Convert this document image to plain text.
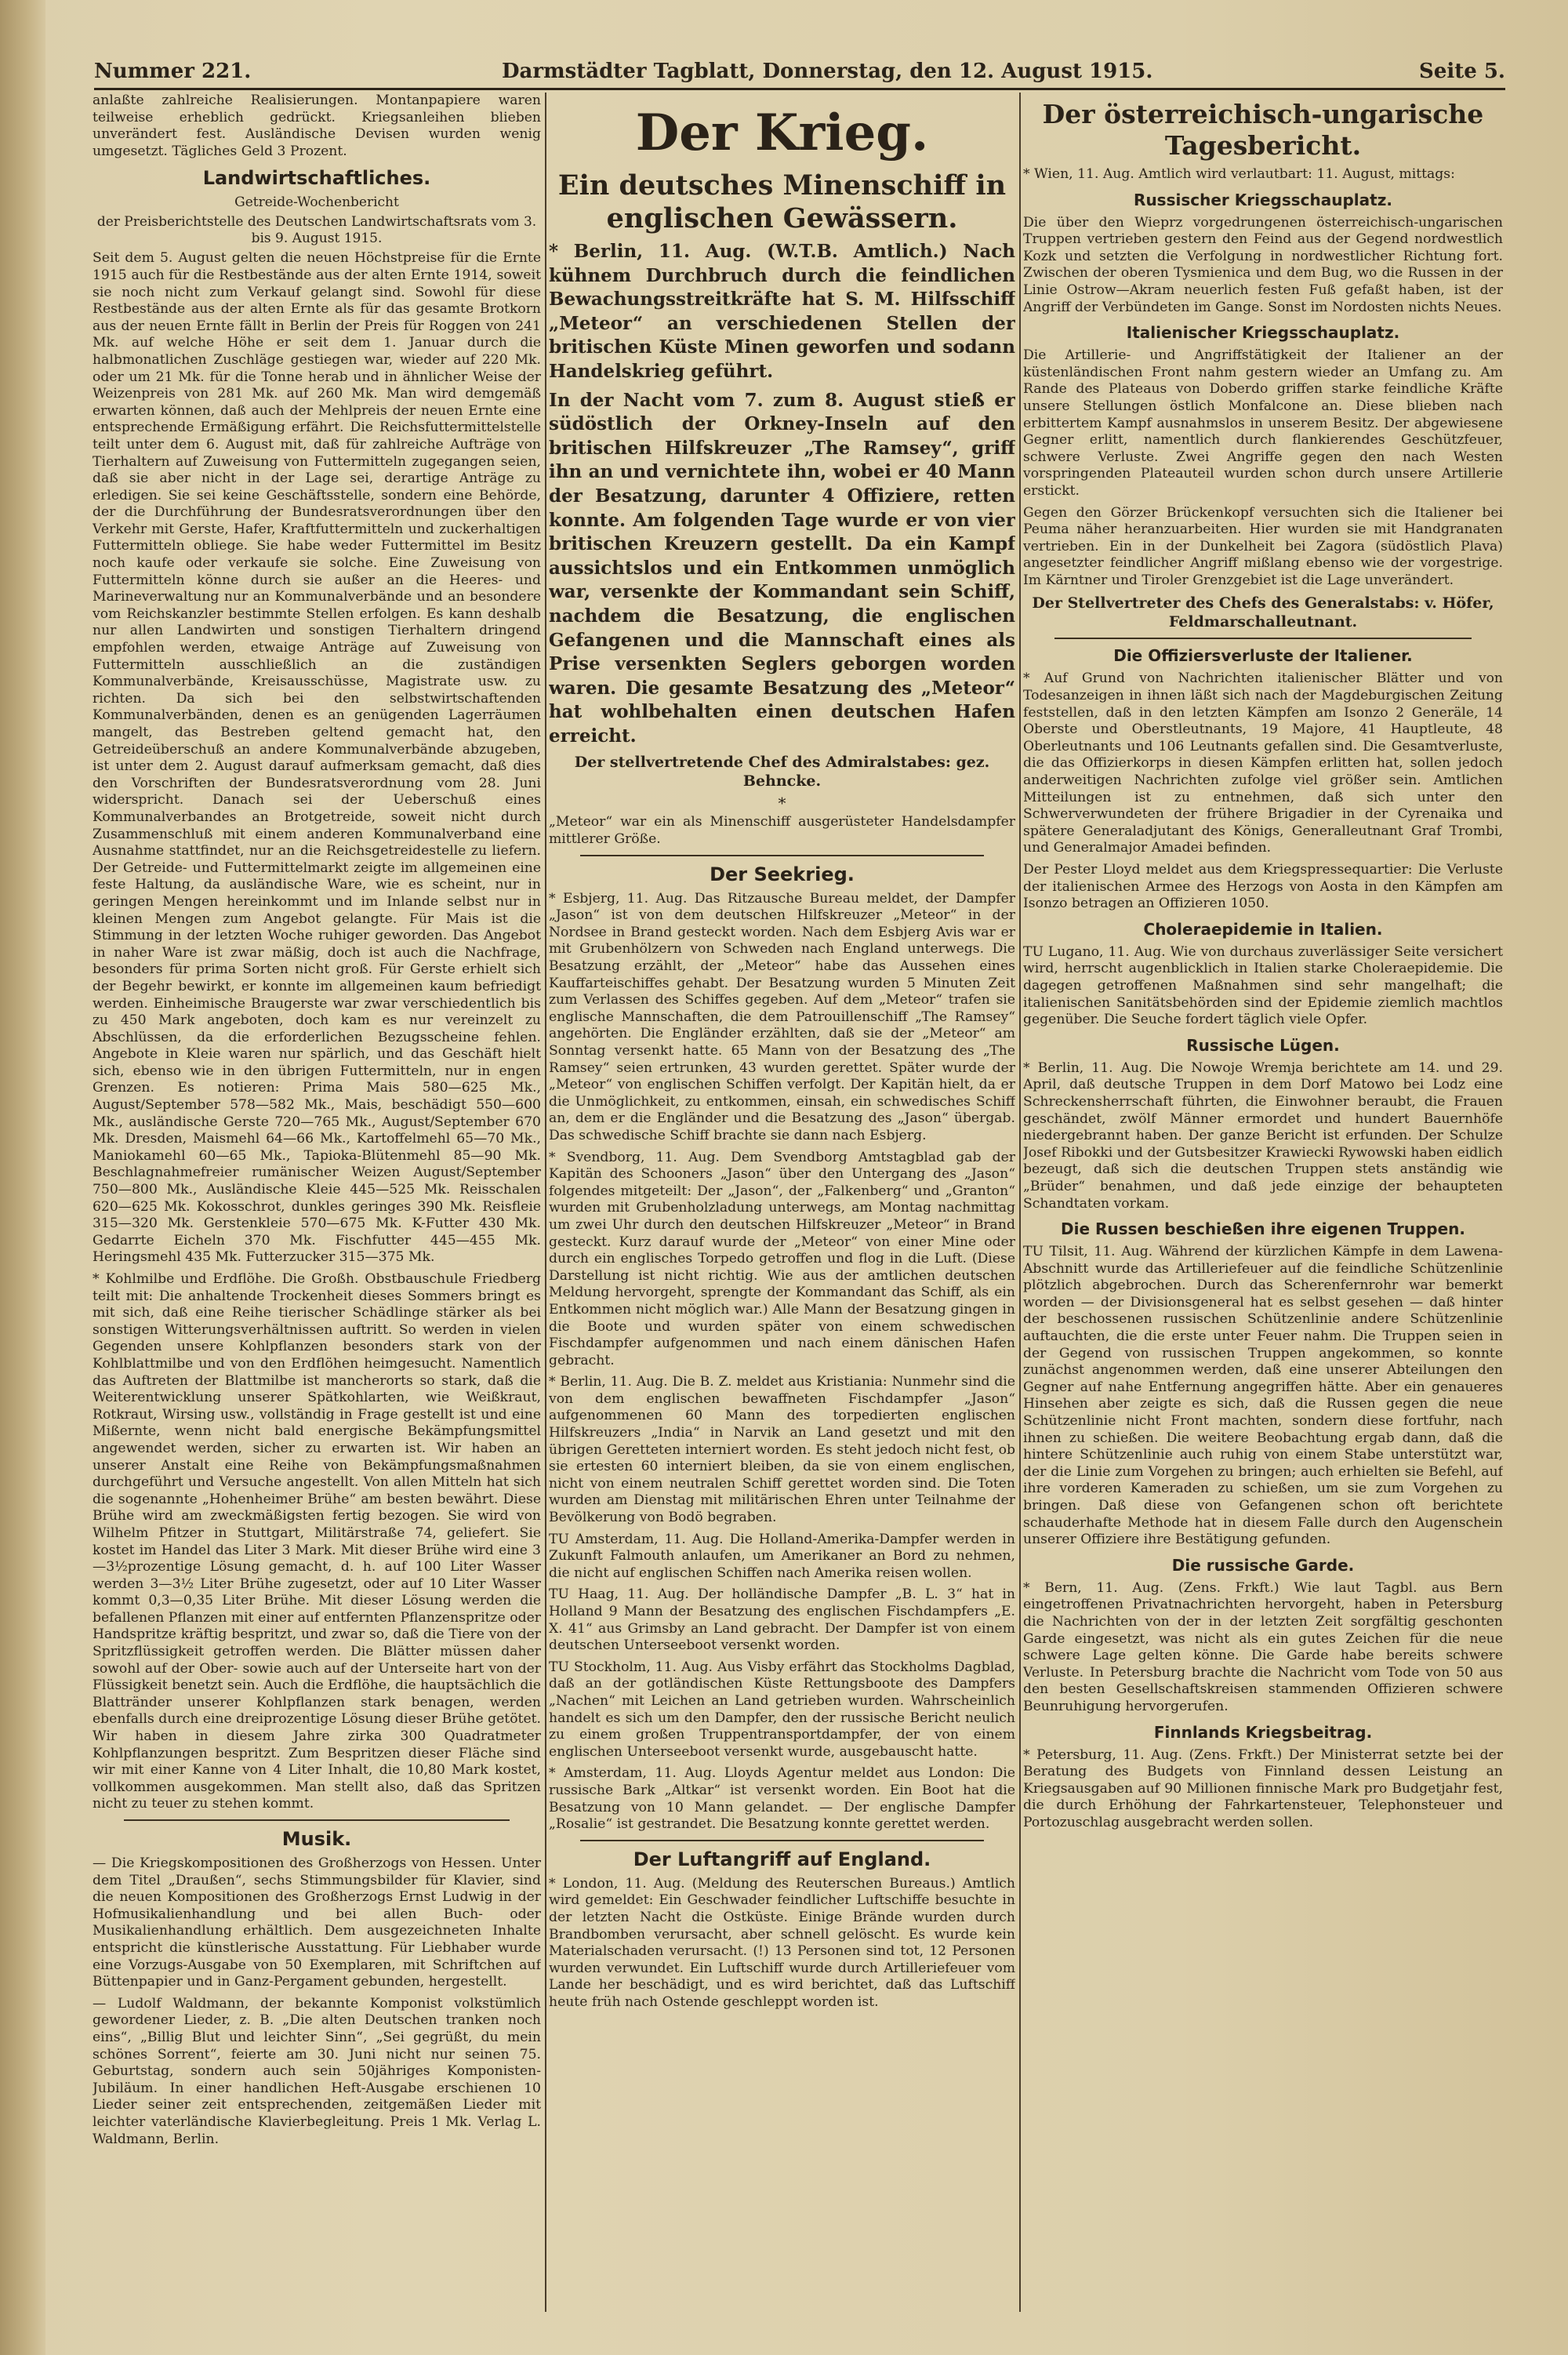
Nummer 221.	Darmstädter Tagblatt, Donnerstag, den 12. August 1915.	Seite 5.

anlaßte zahlreiche Realisierungen. Montanpapiere waren teilweise erheblich gedrückt. Kriegsanleihen blieben unverändert fest. Ausländische Devisen wurden wenig umgesetzt. Tägliches Geld 3 Prozent.

Landwirtschaftliches.
Getreide-Wochenbericht
der Preisberichtstelle des Deutschen Landwirtschaftsrats vom 3. bis 9. August 1915.

Seit dem 5. August gelten die neuen Höchstpreise für die Ernte 1915 auch für die Restbestände aus der alten Ernte 1914, soweit sie noch nicht zum Verkauf gelangt sind. Sowohl für diese Restbestände aus der alten Ernte als für das gesamte Brotkorn aus der neuen Ernte fällt in Berlin der Preis für Roggen von 241 Mk. auf welche Höhe er seit dem 1. Januar durch die halbmonatlichen Zuschläge gestiegen war, wieder auf 220 Mk. oder um 21 Mk. für die Tonne herab und in ähnlicher Weise der Weizenpreis von 281 Mk. auf 260 Mk. Man wird demgemäß erwarten können, daß auch der Mehlpreis der neuen Ernte eine entsprechende Ermäßigung erfährt. Die Reichsfuttermittelstelle teilt unter dem 6. August mit, daß für zahlreiche Aufträge von Tierhaltern auf Zuweisung von Futtermitteln zugegangen seien, daß sie aber nicht in der Lage sei, derartige Anträge zu erledigen. Sie sei keine Geschäftsstelle, sondern eine Behörde, der die Durchführung der Bundesratsverordnungen über den Verkehr mit Gerste, Hafer, Kraftfuttermitteln und zuckerhaltigen Futtermitteln obliege. Sie habe weder Futtermittel im Besitz noch kaufe oder verkaufe sie solche. Eine Zuweisung von Futtermitteln könne durch sie außer an die Heeres- und Marineverwaltung nur an Kommunalverbände und an besondere vom Reichskanzler bestimmte Stellen erfolgen. Es kann deshalb nur allen Landwirten und sonstigen Tierhaltern dringend empfohlen werden, etwaige Anträge auf Zuweisung von Futtermitteln ausschließlich an die zuständigen Kommunalverbände, Kreisausschüsse, Magistrate usw. zu richten. Da sich bei den selbstwirtschaftenden Kommunalverbänden, denen es an genügenden Lagerräumen mangelt, das Bestreben geltend gemacht hat, den Getreideüberschuß an andere Kommunalverbände abzugeben, ist unter dem 2. August darauf aufmerksam gemacht, daß dies den Vorschriften der Bundesratsverordnung vom 28. Juni widerspricht. Danach sei der Ueberschuß eines Kommunalverbandes an Brotgetreide, soweit nicht durch Zusammenschluß mit einem anderen Kommunalverband eine Ausnahme stattfindet, nur an die Reichsgetreidestelle zu liefern. Der Getreide- und Futtermittelmarkt zeigte im allgemeinen eine feste Haltung, da ausländische Ware, wie es scheint, nur in geringen Mengen hereinkommt und im Inlande selbst nur in kleinen Mengen zum Angebot gelangte. Für Mais ist die Stimmung in der letzten Woche ruhiger geworden. Das Angebot in naher Ware ist zwar mäßig, doch ist auch die Nachfrage, besonders für prima Sorten nicht groß. Für Gerste erhielt sich der Begehr bewirkt, er konnte im allgemeinen kaum befriedigt werden. Einheimische Braugerste war zwar verschiedentlich bis zu 450 Mark angeboten, doch kam es nur vereinzelt zu Abschlüssen, da die erforderlichen Bezugsscheine fehlen. Angebote in Kleie waren nur spärlich, und das Geschäft hielt sich, ebenso wie in den übrigen Futtermitteln, nur in engen Grenzen. Es notieren: Prima Mais 580—625 Mk., August/September 578—582 Mk., Mais, beschädigt 550—600 Mk., ausländische Gerste 720—765 Mk., August/September 670 Mk. Dresden, Maismehl 64—66 Mk., Kartoffelmehl 65—70 Mk., Maniokamehl 60—65 Mk., Tapioka-Blütenmehl 85—90 Mk. Beschlagnahmefreier rumänischer Weizen August/September 750—800 Mk., Ausländische Kleie 445—525 Mk. Reisschalen 620—625 Mk. Kokosschrot, dunkles geringes 390 Mk. Reisfleie 315—320 Mk. Gerstenkleie 570—675 Mk. K-Futter 430 Mk. Gedarrte Eicheln 370 Mk. Fischfutter 445—455 Mk. Heringsmehl 435 Mk. Futterzucker 315—375 Mk.

* Kohlmilbe und Erdflöhe. Die Großh. Obstbauschule Friedberg teilt mit: Die anhaltende Trockenheit dieses Sommers bringt es mit sich, daß eine Reihe tierischer Schädlinge stärker als bei sonstigen Witterungsverhältnissen auftritt. So werden in vielen Gegenden unsere Kohlpflanzen besonders stark von der Kohlblattmilbe und von den Erdflöhen heimgesucht. Namentlich das Auftreten der Blattmilbe ist mancherorts so stark, daß die Weiterentwicklung unserer Spätkohlarten, wie Weißkraut, Rotkraut, Wirsing usw., vollständig in Frage gestellt ist und eine Mißernte, wenn nicht bald energische Bekämpfungsmittel angewendet werden, sicher zu erwarten ist. Wir haben an unserer Anstalt eine Reihe von Bekämpfungsmaßnahmen durchgeführt und Versuche angestellt. Von allen Mitteln hat sich die sogenannte „Hohenheimer Brühe“ am besten bewährt. Diese Brühe wird am zweckmäßigsten fertig bezogen. Sie wird von Wilhelm Pfitzer in Stuttgart, Militärstraße 74, geliefert. Sie kostet im Handel das Liter 3 Mark. Mit dieser Brühe wird eine 3—3½prozentige Lösung gemacht, d. h. auf 100 Liter Wasser werden 3—3½ Liter Brühe zugesetzt, oder auf 10 Liter Wasser kommt 0,3—0,35 Liter Brühe. Mit dieser Lösung werden die befallenen Pflanzen mit einer auf entfernten Pflanzenspritze oder Handspritze kräftig bespritzt, und zwar so, daß die Tiere von der Spritzflüssigkeit getroffen werden. Die Blätter müssen daher sowohl auf der Ober- sowie auch auf der Unterseite hart von der Flüssigkeit benetzt sein. Auch die Erdflöhe, die hauptsächlich die Blattränder unserer Kohlpflanzen stark benagen, werden ebenfalls durch eine dreiprozentige Lösung dieser Brühe getötet. Wir haben in diesem Jahre zirka 300 Quadratmeter Kohlpflanzungen bespritzt. Zum Bespritzen dieser Fläche sind wir mit einer Kanne von 4 Liter Inhalt, die 10,80 Mark kostet, vollkommen ausgekommen. Man stellt also, daß das Spritzen nicht zu teuer zu stehen kommt.

Musik.

— Die Kriegskompositionen des Großherzogs von Hessen. Unter dem Titel „Draußen“, sechs Stimmungsbilder für Klavier, sind die neuen Kompositionen des Großherzogs Ernst Ludwig in der Hofmusikalienhandlung und bei allen Buch- oder Musikalienhandlung erhältlich. Dem ausgezeichneten Inhalte entspricht die künstlerische Ausstattung. Für Liebhaber wurde eine Vorzugs-Ausgabe von 50 Exemplaren, mit Schriftchen auf Büttenpapier und in Ganz-Pergament gebunden, hergestellt.

— Ludolf Waldmann, der bekannte Komponist volkstümlich gewordener Lieder, z. B. „Die alten Deutschen tranken noch eins“, „Billig Blut und leichter Sinn“, „Sei gegrüßt, du mein schönes Sorrent“, feierte am 30. Juni nicht nur seinen 75. Geburtstag, sondern auch sein 50jähriges Komponisten-Jubiläum. In einer handlichen Heft-Ausgabe erschienen 10 Lieder seiner zeit entsprechenden, zeitgemäßen Lieder mit leichter vaterländische Klavierbegleitung. Preis 1 Mk. Verlag L. Waldmann, Berlin.

Der Krieg.
Ein deutsches Minenschiff in englischen Gewässern.

* Berlin, 11. Aug. (W.T.B. Amtlich.) Nach kühnem Durchbruch durch die feindlichen Bewachungsstreitkräfte hat S. M. Hilfsschiff „Meteor“ an verschiedenen Stellen der britischen Küste Minen geworfen und sodann Handelskrieg geführt.

In der Nacht vom 7. zum 8. August stieß er südöstlich der Orkney-Inseln auf den britischen Hilfskreuzer „The Ramsey“, griff ihn an und vernichtete ihn, wobei er 40 Mann der Besatzung, darunter 4 Offiziere, retten konnte. Am folgenden Tage wurde er von vier britischen Kreuzern gestellt. Da ein Kampf aussichtslos und ein Entkommen unmöglich war, versenkte der Kommandant sein Schiff, nachdem die Besatzung, die englischen Gefangenen und die Mannschaft eines als Prise versenkten Seglers geborgen worden waren. Die gesamte Besatzung des „Meteor“ hat wohlbehalten einen deutschen Hafen erreicht.

Der stellvertretende Chef des Admiralstabes: gez. Behncke.
*

„Meteor“ war ein als Minenschiff ausgerüsteter Handelsdampfer mittlerer Größe.

Der Seekrieg.

* Esbjerg, 11. Aug. Das Ritzausche Bureau meldet, der Dampfer „Jason“ ist von dem deutschen Hilfskreuzer „Meteor“ in der Nordsee in Brand gesteckt worden. Nach dem Esbjerg Avis war er mit Grubenhölzern von Schweden nach England unterwegs. Die Besatzung erzählt, der „Meteor“ habe das Aussehen eines Kauffarteischiffes gehabt. Der Besatzung wurden 5 Minuten Zeit zum Verlassen des Schiffes gegeben. Auf dem „Meteor“ trafen sie englische Mannschaften, die dem Patrouillenschiff „The Ramsey“ angehörten. Die Engländer erzählten, daß sie der „Meteor“ am Sonntag versenkt hatte. 65 Mann von der Besatzung des „The Ramsey“ seien ertrunken, 43 wurden gerettet. Später wurde der „Meteor“ von englischen Schiffen verfolgt. Der Kapitän hielt, da er die Unmöglichkeit, zu entkommen, einsah, ein schwedisches Schiff an, dem er die Engländer und die Besatzung des „Jason“ übergab. Das schwedische Schiff brachte sie dann nach Esbjerg.

* Svendborg, 11. Aug. Dem Svendborg Amtstagblad gab der Kapitän des Schooners „Jason“ über den Untergang des „Jason“ folgendes mitgeteilt: Der „Jason“, der „Falkenberg“ und „Granton“ wurden mit Grubenholzladung unterwegs, am Montag nachmittag um zwei Uhr durch den deutschen Hilfskreuzer „Meteor“ in Brand gesteckt. Kurz darauf wurde der „Meteor“ von einer Mine oder durch ein englisches Torpedo getroffen und flog in die Luft. (Diese Darstellung ist nicht richtig. Wie aus der amtlichen deutschen Meldung hervorgeht, sprengte der Kommandant das Schiff, als ein Entkommen nicht möglich war.) Alle Mann der Besatzung gingen in die Boote und wurden später von einem schwedischen Fischdampfer aufgenommen und nach einem dänischen Hafen gebracht.

* Berlin, 11. Aug. Die B. Z. meldet aus Kristiania: Nunmehr sind die von dem englischen bewaffneten Fischdampfer „Jason“ aufgenommenen 60 Mann des torpedierten englischen Hilfskreuzers „India“ in Narvik an Land gesetzt und mit den übrigen Geretteten interniert worden. Es steht jedoch nicht fest, ob sie ertesten 60 interniert bleiben, da sie von einem englischen, nicht von einem neutralen Schiff gerettet worden sind. Die Toten wurden am Dienstag mit militärischen Ehren unter Teilnahme der Bevölkerung von Bodö begraben.

TU Amsterdam, 11. Aug. Die Holland-Amerika-Dampfer werden in Zukunft Falmouth anlaufen, um Amerikaner an Bord zu nehmen, die nicht auf englischen Schiffen nach Amerika reisen wollen.

TU Haag, 11. Aug. Der holländische Dampfer „B. L. 3“ hat in Holland 9 Mann der Besatzung des englischen Fischdampfers „E. X. 41“ aus Grimsby an Land gebracht. Der Dampfer ist von einem deutschen Unterseeboot versenkt worden.

TU Stockholm, 11. Aug. Aus Visby erfährt das Stockholms Dagblad, daß an der gotländischen Küste Rettungsboote des Dampfers „Nachen“ mit Leichen an Land getrieben wurden. Wahrscheinlich handelt es sich um den Dampfer, den der russische Bericht neulich zu einem großen Truppentransportdampfer, der von einem englischen Unterseeboot versenkt wurde, ausgebauscht hatte.

* Amsterdam, 11. Aug. Lloyds Agentur meldet aus London: Die russische Bark „Altkar“ ist versenkt worden. Ein Boot hat die Besatzung von 10 Mann gelandet. — Der englische Dampfer „Rosalie“ ist gestrandet. Die Besatzung konnte gerettet werden.

Der Luftangriff auf England.

* London, 11. Aug. (Meldung des Reuterschen Bureaus.) Amtlich wird gemeldet: Ein Geschwader feindlicher Luftschiffe besuchte in der letzten Nacht die Ostküste. Einige Brände wurden durch Brandbomben verursacht, aber schnell gelöscht. Es wurde kein Materialschaden verursacht. (!) 13 Personen sind tot, 12 Personen wurden verwundet. Ein Luftschiff wurde durch Artilleriefeuer vom Lande her beschädigt, und es wird berichtet, daß das Luftschiff heute früh nach Ostende geschleppt worden ist.

Der österreichisch-ungarische Tagesbericht.

* Wien, 11. Aug. Amtlich wird verlautbart: 11. August, mittags:

Russischer Kriegsschauplatz.

Die über den Wieprz vorgedrungenen österreichisch-ungarischen Truppen vertrieben gestern den Feind aus der Gegend nordwestlich Kozk und setzten die Verfolgung in nordwestlicher Richtung fort. Zwischen der oberen Tysmienica und dem Bug, wo die Russen in der Linie Ostrow—Akram neuerlich festen Fuß gefaßt haben, ist der Angriff der Verbündeten im Gange. Sonst im Nordosten nichts Neues.

Italienischer Kriegsschauplatz.

Die Artillerie- und Angriffstätigkeit der Italiener an der küstenländischen Front nahm gestern wieder an Umfang zu. Am Rande des Plateaus von Doberdo griffen starke feindliche Kräfte unsere Stellungen östlich Monfalcone an. Diese blieben nach erbittertem Kampf ausnahmslos in unserem Besitz. Der abgewiesene Gegner erlitt, namentlich durch flankierendes Geschützfeuer, schwere Verluste. Zwei Angriffe gegen den nach Westen vorspringenden Plateauteil wurden schon durch unsere Artillerie erstickt.

Gegen den Görzer Brückenkopf versuchten sich die Italiener bei Peuma näher heranzuarbeiten. Hier wurden sie mit Handgranaten vertrieben. Ein in der Dunkelheit bei Zagora (südöstlich Plava) angesetzter feindlicher Angriff mißlang ebenso wie der vorgestrige. Im Kärntner und Tiroler Grenzgebiet ist die Lage unverändert.

Der Stellvertreter des Chefs des Generalstabs: v. Höfer, Feldmarschalleutnant.
Die Offiziersverluste der Italiener.

* Auf Grund von Nachrichten italienischer Blätter und von Todesanzeigen in ihnen läßt sich nach der Magdeburgischen Zeitung feststellen, daß in den letzten Kämpfen am Isonzo 2 Generäle, 14 Oberste und Oberstleutnants, 19 Majore, 41 Hauptleute, 48 Oberleutnants und 106 Leutnants gefallen sind. Die Gesamtverluste, die das Offizierkorps in diesen Kämpfen erlitten hat, sollen jedoch anderweitigen Nachrichten zufolge viel größer sein. Amtlichen Mitteilungen ist zu entnehmen, daß sich unter den Schwerverwundeten der frühere Brigadier in der Cyrenaika und spätere Generaladjutant des Königs, Generalleutnant Graf Trombi, und Generalmajor Amadei befinden.

Der Pester Lloyd meldet aus dem Kriegspressequartier: Die Verluste der italienischen Armee des Herzogs von Aosta in den Kämpfen am Isonzo betragen an Offizieren 1050.

Choleraepidemie in Italien.

TU Lugano, 11. Aug. Wie von durchaus zuverlässiger Seite versichert wird, herrscht augenblicklich in Italien starke Choleraepidemie. Die dagegen getroffenen Maßnahmen sind sehr mangelhaft; die italienischen Sanitätsbehörden sind der Epidemie ziemlich machtlos gegenüber. Die Seuche fordert täglich viele Opfer.

Russische Lügen.

* Berlin, 11. Aug. Die Nowoje Wremja berichtete am 14. und 29. April, daß deutsche Truppen in dem Dorf Matowo bei Lodz eine Schreckensherrschaft führten, die Einwohner beraubt, die Frauen geschändet, zwölf Männer ermordet und hundert Bauernhöfe niedergebrannt haben. Der ganze Bericht ist erfunden. Der Schulze Josef Ribokki und der Gutsbesitzer Krawiecki Rywowski haben eidlich bezeugt, daß sich die deutschen Truppen stets anständig wie „Brüder“ benahmen, und daß jede einzige der behaupteten Schandtaten vorkam.

Die Russen beschießen ihre eigenen Truppen.

TU Tilsit, 11. Aug. Während der kürzlichen Kämpfe in dem Lawena-Abschnitt wurde das Artilleriefeuer auf die feindliche Schützenlinie plötzlich abgebrochen. Durch das Scherenfernrohr war bemerkt worden — der Divisionsgeneral hat es selbst gesehen — daß hinter der beschossenen russischen Schützenlinie andere Schützenlinie auftauchten, die die erste unter Feuer nahm. Die Truppen seien in der Gegend von russischen Truppen angekommen, so konnte zunächst angenommen werden, daß eine unserer Abteilungen den Gegner auf nahe Entfernung angegriffen hätte. Aber ein genaueres Hinsehen aber zeigte es sich, daß die Russen gegen die neue Schützenlinie nicht Front machten, sondern diese fortfuhr, nach ihnen zu schießen. Die weitere Beobachtung ergab dann, daß die hintere Schützenlinie auch ruhig von einem Stabe unterstützt war, der die Linie zum Vorgehen zu bringen; auch erhielten sie Befehl, auf ihre vorderen Kameraden zu schießen, um sie zum Vorgehen zu bringen. Daß diese von Gefangenen schon oft berichtete schauderhafte Methode hat in diesem Falle durch den Augenschein unserer Offiziere ihre Bestätigung gefunden.

Die russische Garde.

* Bern, 11. Aug. (Zens. Frkft.) Wie laut Tagbl. aus Bern eingetroffenen Privatnachrichten hervorgeht, haben in Petersburg die Nachrichten von der in der letzten Zeit sorgfältig geschonten Garde eingesetzt, was nicht als ein gutes Zeichen für die neue schwere Lage gelten könne. Die Garde habe bereits schwere Verluste. In Petersburg brachte die Nachricht vom Tode von 50 aus den besten Gesellschaftskreisen stammenden Offizieren schwere Beunruhigung hervorgerufen.

Finnlands Kriegsbeitrag.

* Petersburg, 11. Aug. (Zens. Frkft.) Der Ministerrat setzte bei der Beratung des Budgets von Finnland dessen Leistung an Kriegsausgaben auf 90 Millionen finnische Mark pro Budgetjahr fest, die durch Erhöhung der Fahrkartensteuer, Telephonsteuer und Portozuschlag ausgebracht werden sollen.
